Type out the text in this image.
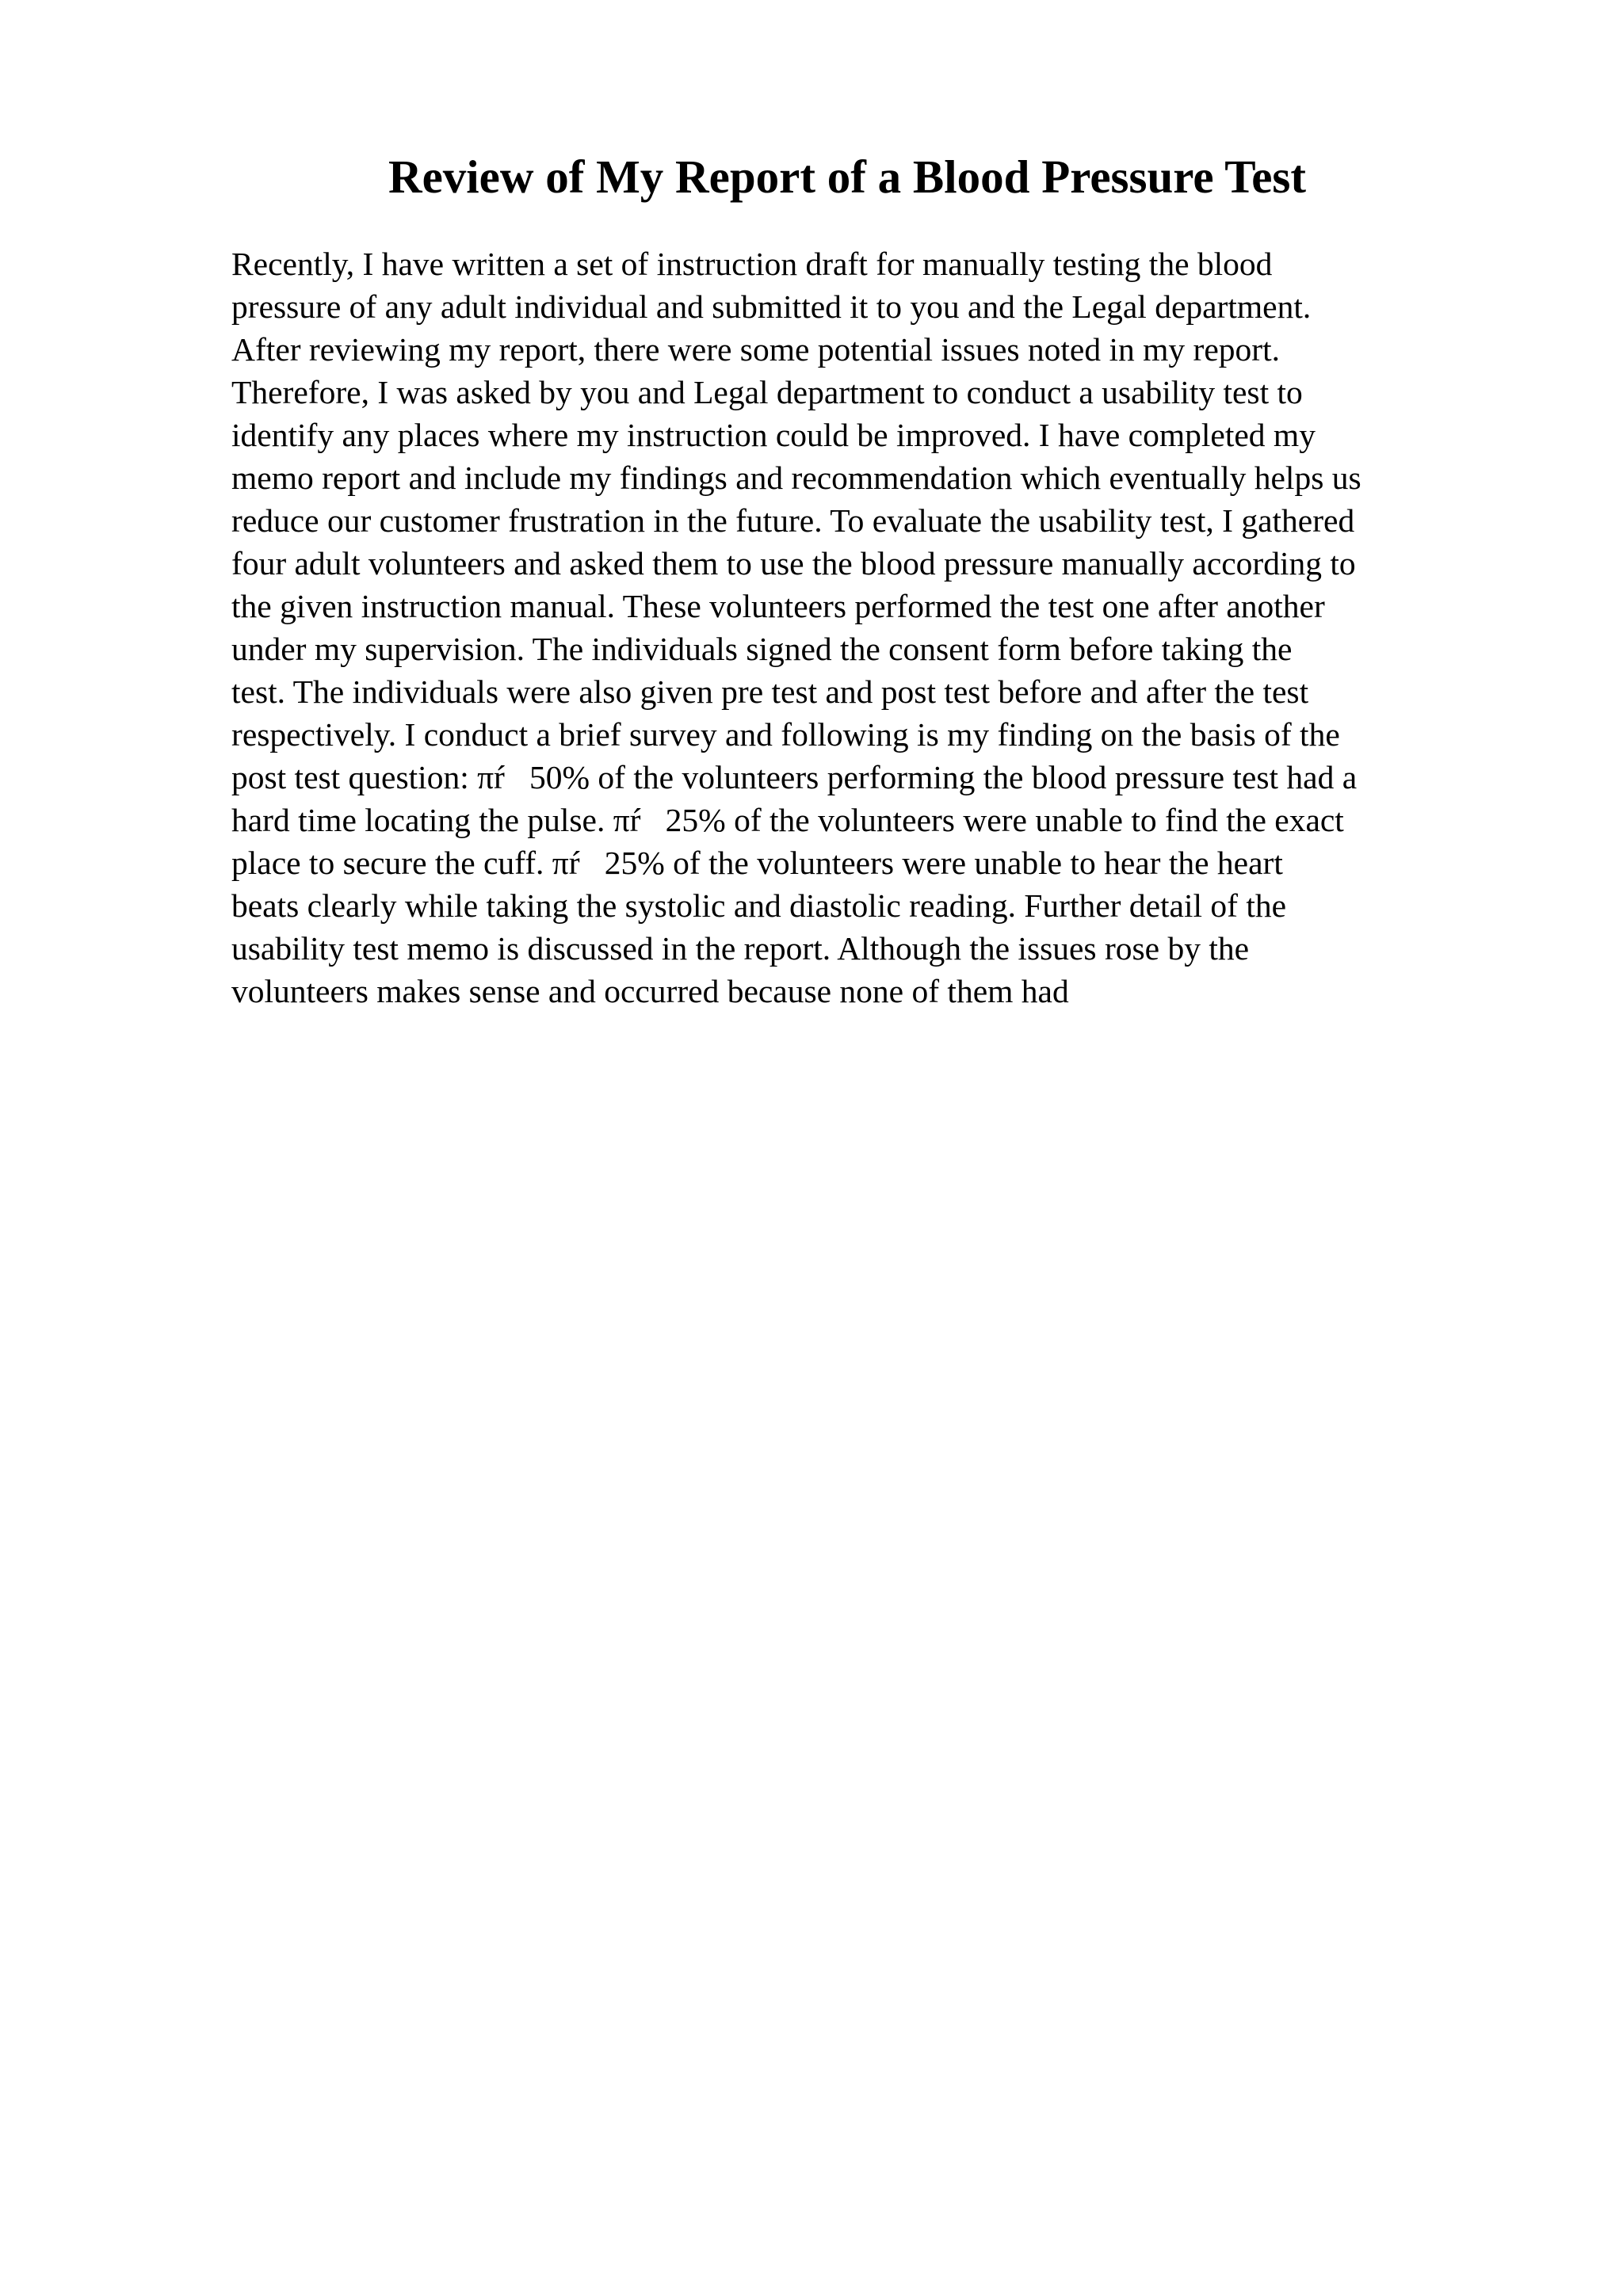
Review of My Report of a Blood Pressure Test
Recently, I have written a set of instruction draft for manually testing the blood
pressure of any adult individual and submitted it to you and the Legal department.
After reviewing my report, there were some potential issues noted in my report.
Therefore, I was asked by you and Legal department to conduct a usability test to
identify any places where my instruction could be improved. I have completed my
memo report and include my findings and recommendation which eventually helps us
reduce our customer frustration in the future. To evaluate the usability test, I gathered
four adult volunteers and asked them to use the blood pressure manually according to
the given instruction manual. These volunteers performed the test one after another
under my supervision. The individuals signed the consent form before taking the
test. The individuals were also given pre test and post test before and after the test
respectively. I conduct a brief survey and following is my finding on the basis of the
post test question: πŕ   50% of the volunteers performing the blood pressure test had a
hard time locating the pulse. πŕ   25% of the volunteers were unable to find the exact
place to secure the cuff. πŕ   25% of the volunteers were unable to hear the heart
beats clearly while taking the systolic and diastolic reading. Further detail of the
usability test memo is discussed in the report. Although the issues rose by the
volunteers makes sense and occurred because none of them had
